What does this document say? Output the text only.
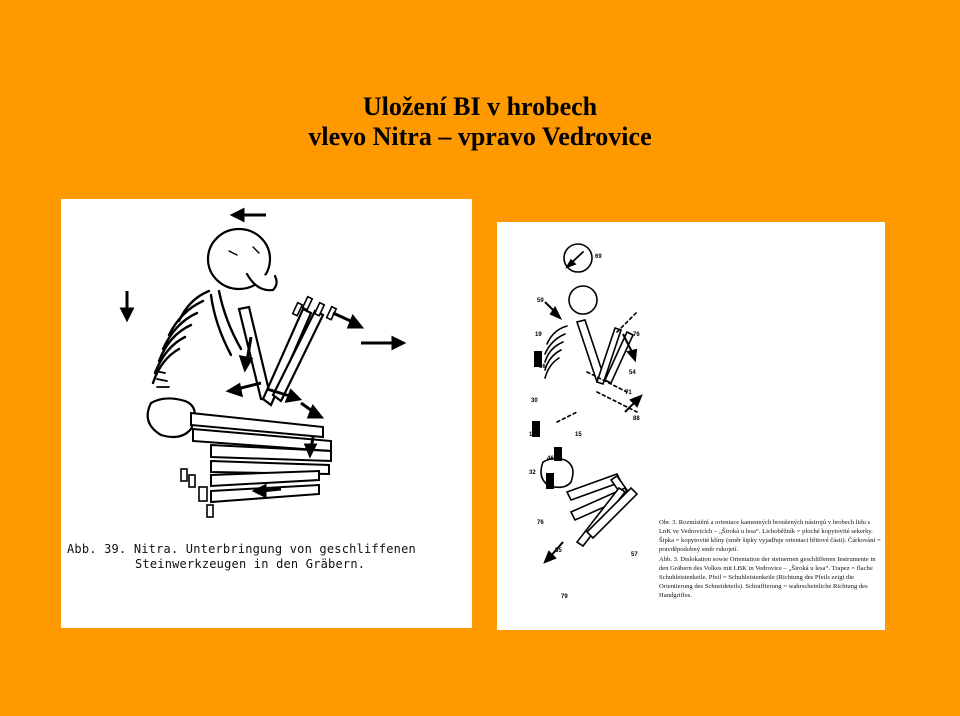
Uložení BI v hrobech
vlevo Nitra – vpravo Vedrovice
Abb. 39. Nitra. Unterbringung von geschliffenen
Steinwerkzeugen in den Gräbern.
69
59
19	76
56
54
71
30
88
18	15
46
32
76
57
55
79

Obr. 3. Rozmístění a orientace kamenných broušených nástrojů v hrobech lidu s LnK ve Vedrovicích – „Široká u lesa“. Lichoběžník = ploché kopytovité sekerky. Šipka = kopytovité klíny (směr šipky vyjadřuje orientaci břitové části). Čárkování = pravděpodobný směr rukojetí.

Abb. 3. Dislokation sowie Orientation der steinernen geschliffenen Instrumente in den Gräbern des Volkes mit LBK in Vedrovice – „Široká u lesa“. Trapez = flache Schuhleistenkeile. Pfeil = Schuhleistenkeile (Richtung des Pfeils zeigt die Orientierung des Schneideteils). Schraffierung = wahrscheinliche Richtung des Handgriffes.
